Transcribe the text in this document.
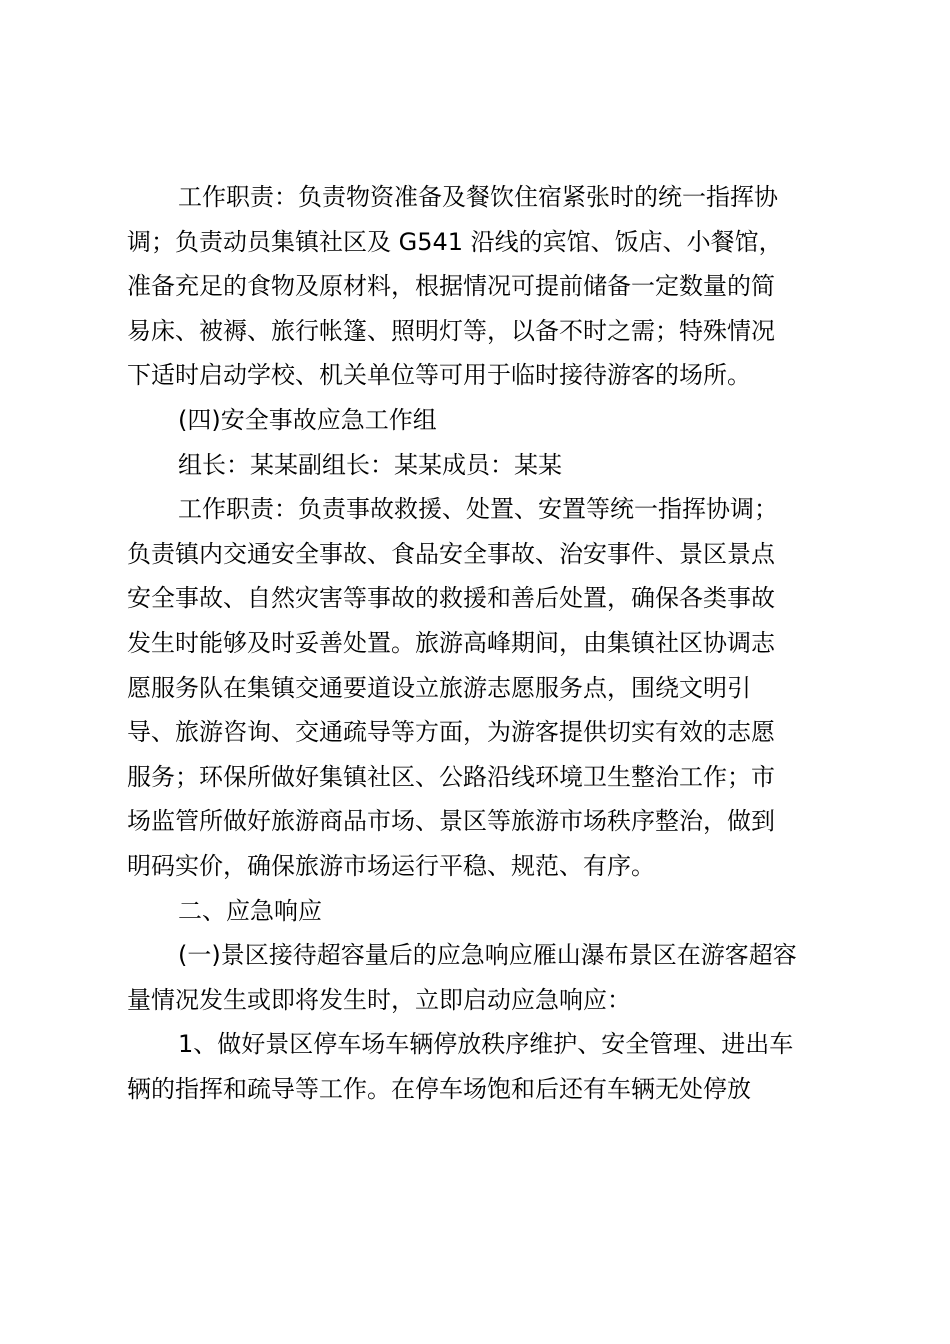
工作职责：负责物资准备及餐饮住宿紧张时的统一指挥协
调；负责动员集镇社区及 G541 沿线的宾馆、饭店、小餐馆，
准备充足的食物及原材料，根据情况可提前储备一定数量的简
易床、被褥、旅行帐篷、照明灯等，以备不时之需；特殊情况
下适时启动学校、机关单位等可用于临时接待游客的场所。
(四)安全事故应急工作组
组长：某某副组长：某某成员：某某
工作职责：负责事故救援、处置、安置等统一指挥协调；
负责镇内交通安全事故、食品安全事故、治安事件、景区景点
安全事故、自然灾害等事故的救援和善后处置，确保各类事故
发生时能够及时妥善处置。旅游高峰期间，由集镇社区协调志
愿服务队在集镇交通要道设立旅游志愿服务点，围绕文明引
导、旅游咨询、交通疏导等方面，为游客提供切实有效的志愿
服务；环保所做好集镇社区、公路沿线环境卫生整治工作；市
场监管所做好旅游商品市场、景区等旅游市场秩序整治，做到
明码实价，确保旅游市场运行平稳、规范、有序。
二、应急响应
(一)景区接待超容量后的应急响应雁山瀑布景区在游客超容
量情况发生或即将发生时，立即启动应急响应：
1、做好景区停车场车辆停放秩序维护、安全管理、进出车
辆的指挥和疏导等工作。在停车场饱和后还有车辆无处停放
